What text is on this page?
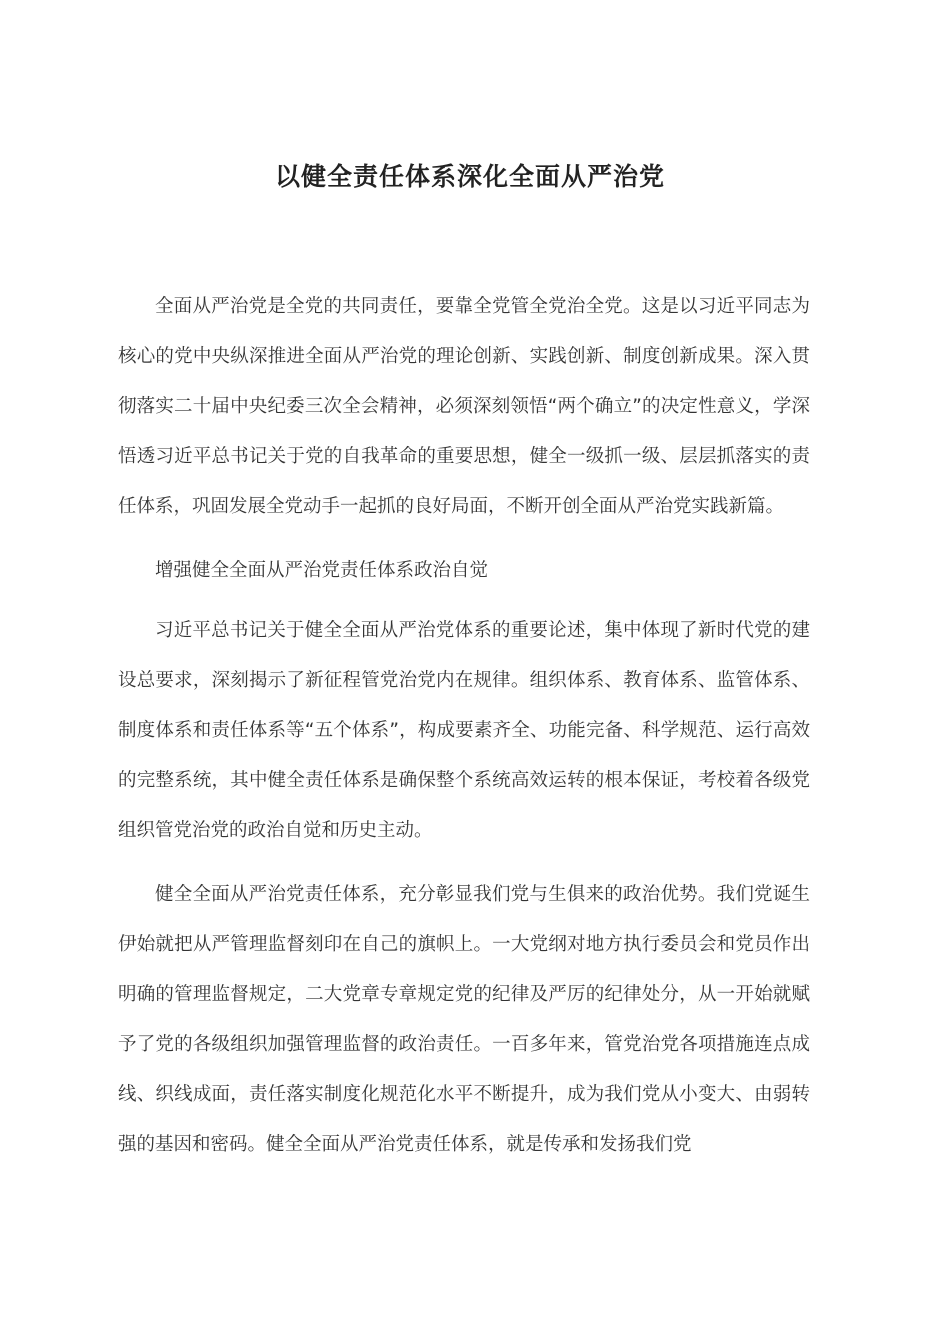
以健全责任体系深化全面从严治党

全面从严治党是全党的共同责任，要靠全党管全党治全党。这是以习近平同志为核心的党中央纵深推进全面从严治党的理论创新、实践创新、制度创新成果。深入贯彻落实二十届中央纪委三次全会精神，必须深刻领悟“两个确立”的决定性意义，学深悟透习近平总书记关于党的自我革命的重要思想，健全一级抓一级、层层抓落实的责任体系，巩固发展全党动手一起抓的良好局面，不断开创全面从严治党实践新篇。

增强健全全面从严治党责任体系政治自觉

习近平总书记关于健全全面从严治党体系的重要论述，集中体现了新时代党的建设总要求，深刻揭示了新征程管党治党内在规律。组织体系、教育体系、监管体系、制度体系和责任体系等“五个体系”，构成要素齐全、功能完备、科学规范、运行高效的完整系统，其中健全责任体系是确保整个系统高效运转的根本保证，考校着各级党组织管党治党的政治自觉和历史主动。

健全全面从严治党责任体系，充分彰显我们党与生俱来的政治优势。我们党诞生伊始就把从严管理监督刻印在自己的旗帜上。一大党纲对地方执行委员会和党员作出明确的管理监督规定，二大党章专章规定党的纪律及严厉的纪律处分，从一开始就赋予了党的各级组织加强管理监督的政治责任。一百多年来，管党治党各项措施连点成线、织线成面，责任落实制度化规范化水平不断提升，成为我们党从小变大、由弱转强的基因和密码。健全全面从严治党责任体系，就是传承和发扬我们党
